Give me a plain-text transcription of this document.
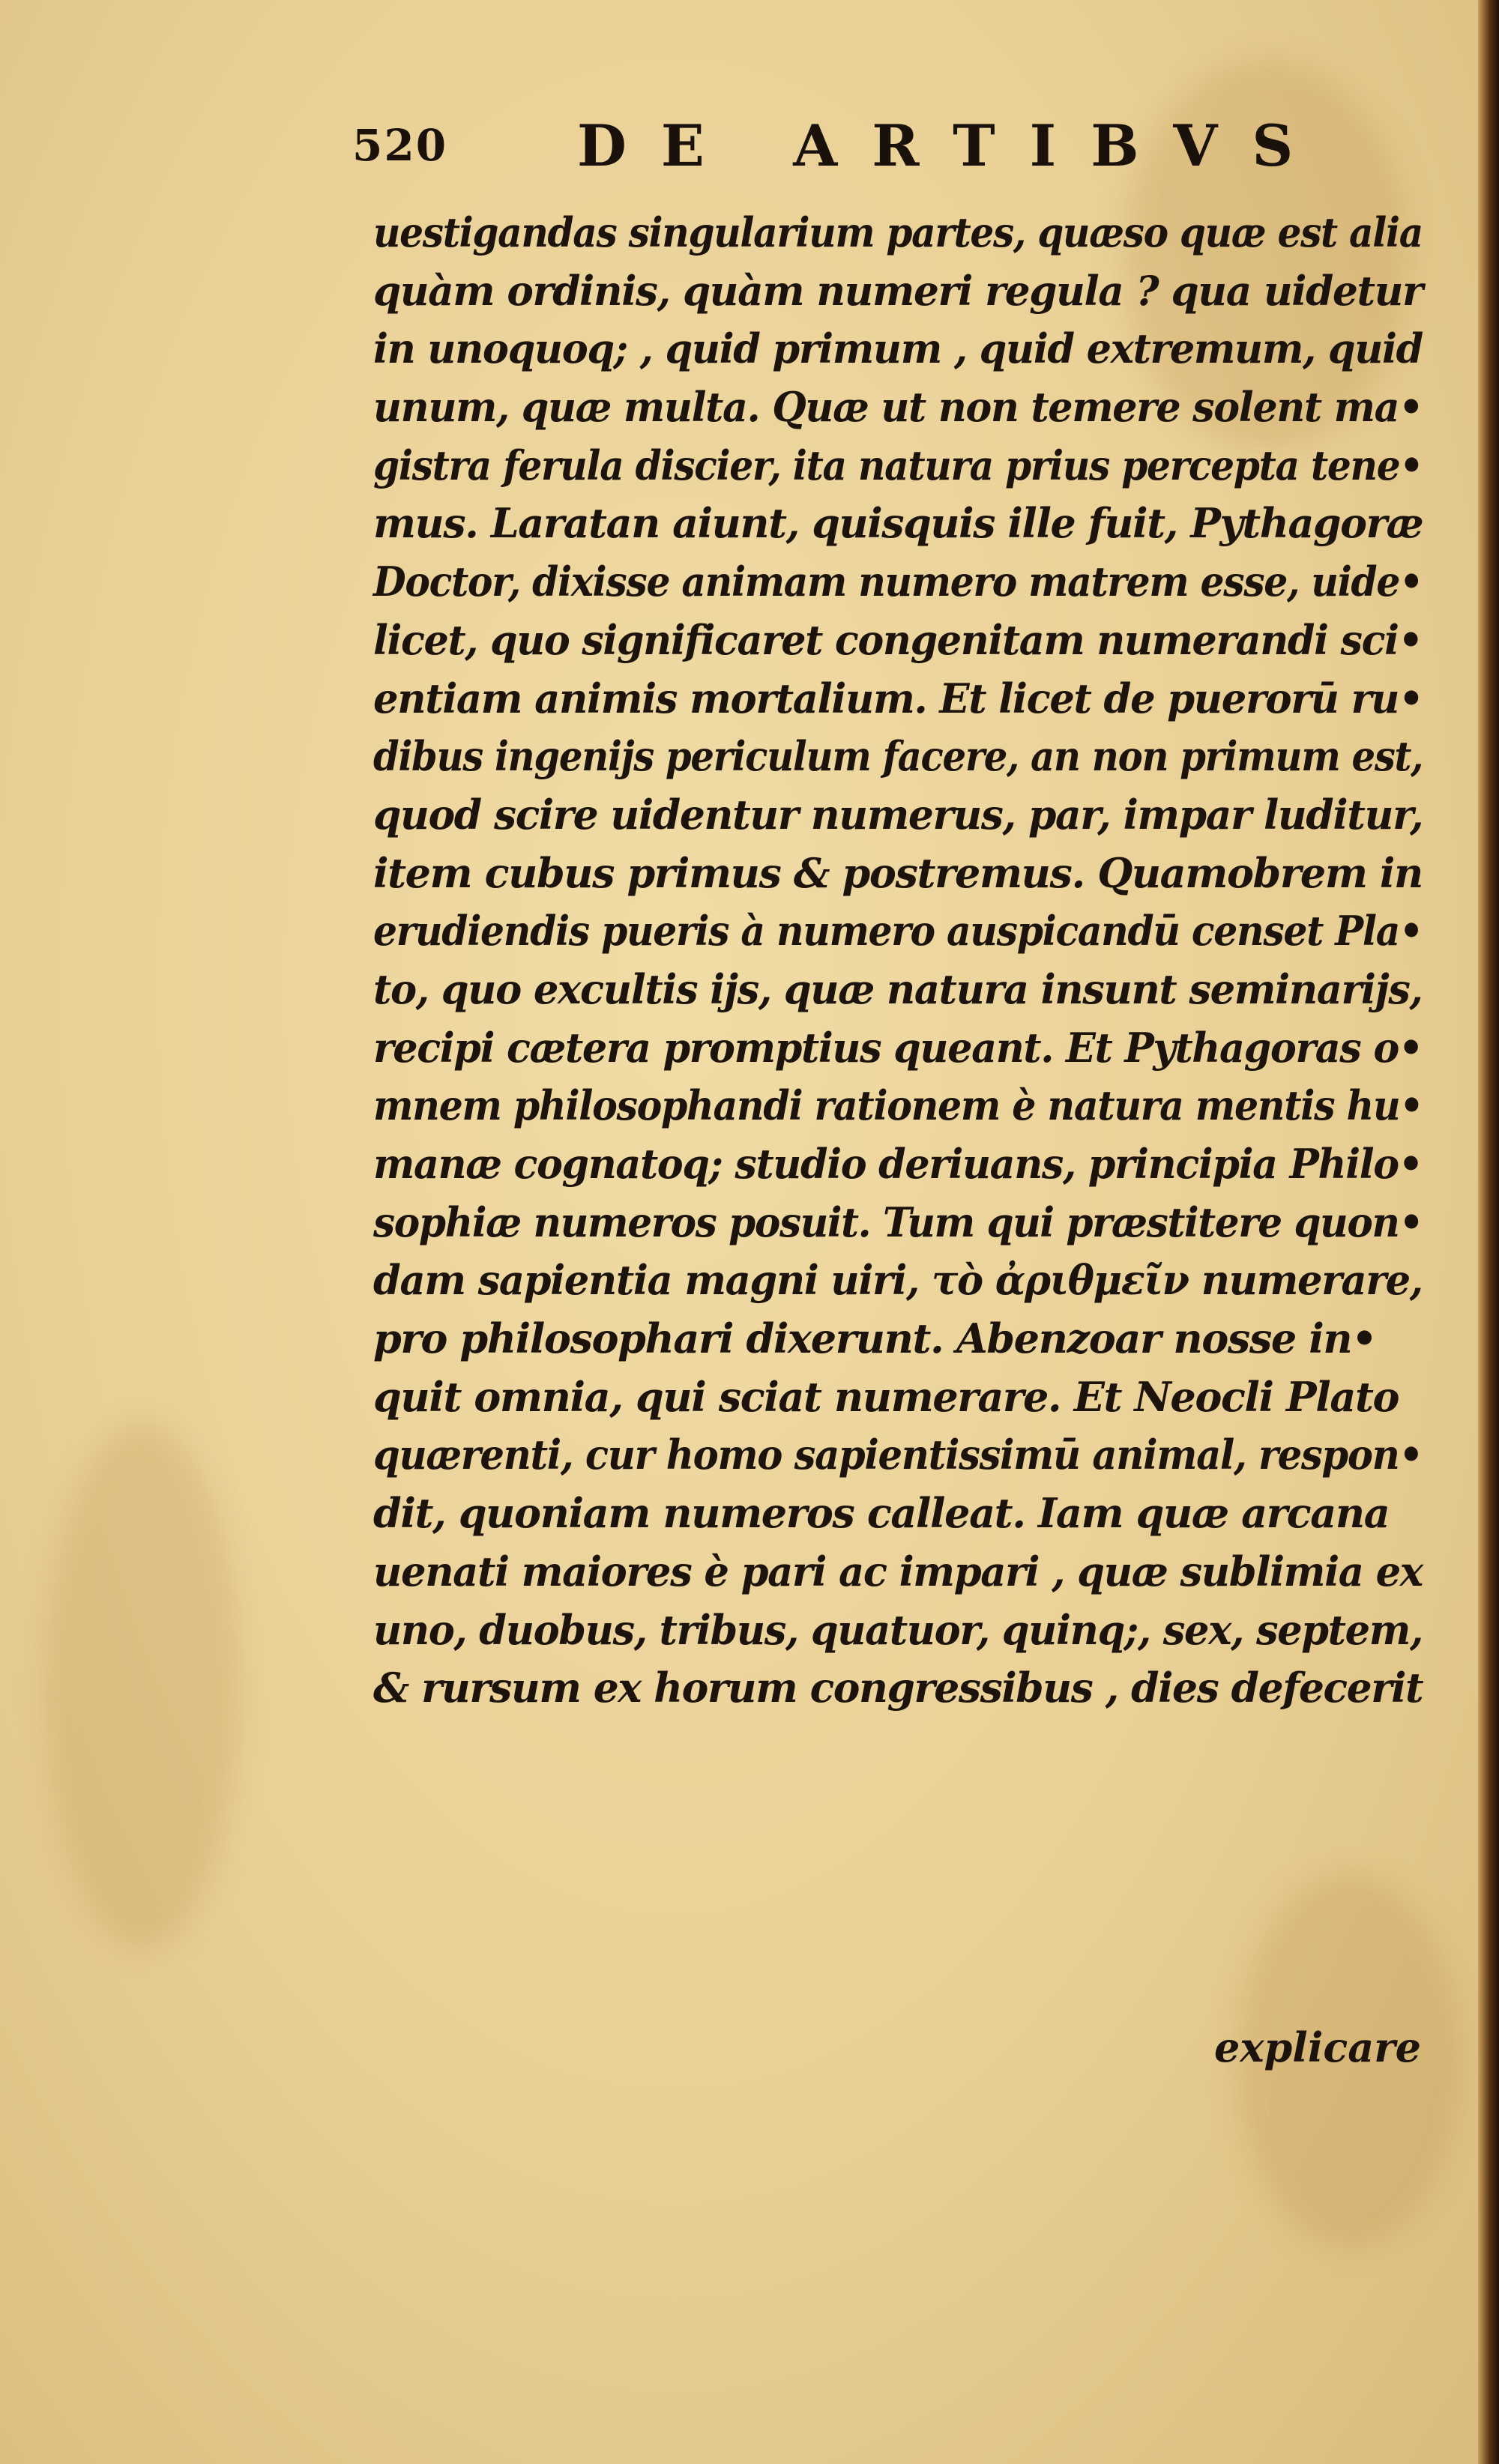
520 DE ARTIBVS
uestigandas singularium partes, quæso quæ est alia
quàm ordinis, quàm numeri regula ? qua uidetur
in unoquoq; , quid primum , quid extremum, quid
unum, quæ multa. Quæ ut non temere solent ma•
gistra ferula discier, ita natura prius percepta tene•
mus. Laratan aiunt, quisquis ille fuit, Pythagoræ
Doctor, dixisse animam numero matrem esse, uide•
licet, quo significaret congenitam numerandi sci•
entiam animis mortalium. Et licet de puerorū ru•
dibus ingenijs periculum facere, an non primum est,
quod scire uidentur numerus, par, impar luditur,
item cubus primus & postremus. Quamobrem in
erudiendis pueris à numero auspicandū censet Pla•
to, quo excultis ijs, quæ natura insunt seminarijs,
recipi cætera promptius queant. Et Pythagoras o•
mnem philosophandi rationem è natura mentis hu•
manæ cognatoq; studio deriuans, principia Philo•
sophiæ numeros posuit. Tum qui præstitere quon•
dam sapientia magni uiri, τὸ ἀριθμεῖν numerare,
pro philosophari dixerunt. Abenzoar nosse in•
quit omnia, qui sciat numerare. Et Neocli Plato
quærenti, cur homo sapientissimū animal, respon•
dit, quoniam numeros calleat. Iam quæ arcana
uenati maiores è pari ac impari , quæ sublimia ex
uno, duobus, tribus, quatuor, quinq;, sex, septem,
& rursum ex horum congressibus , dies defecerit
explicare
